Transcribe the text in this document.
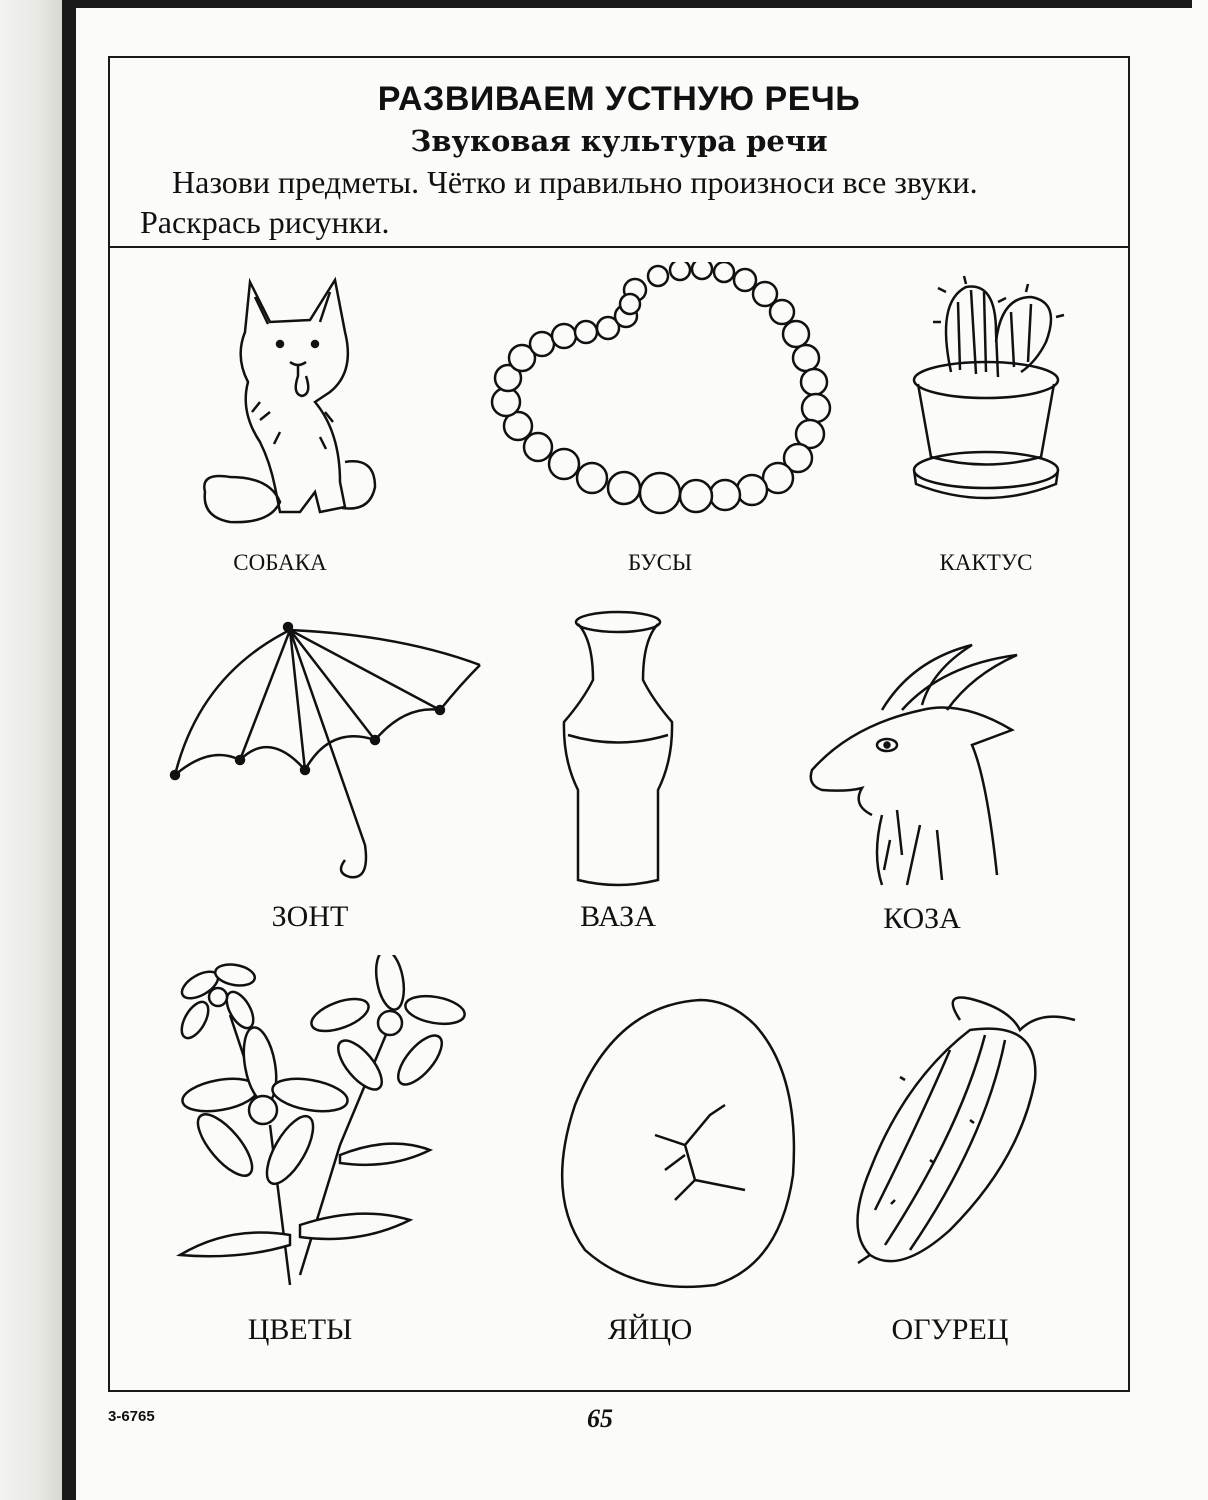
РАЗВИВАЕМ УСТНУЮ РЕЧЬ
Звуковая культура речи
Назови предметы. Чётко и правильно произноси все звуки. Раскрась рисунки.
СОБАКА	БУСЫ	КАКТУС
ЗОНТ	ВАЗА	КОЗА
ЦВЕТЫ	ЯЙЦО	ОГУРЕЦ
3-6765	65
